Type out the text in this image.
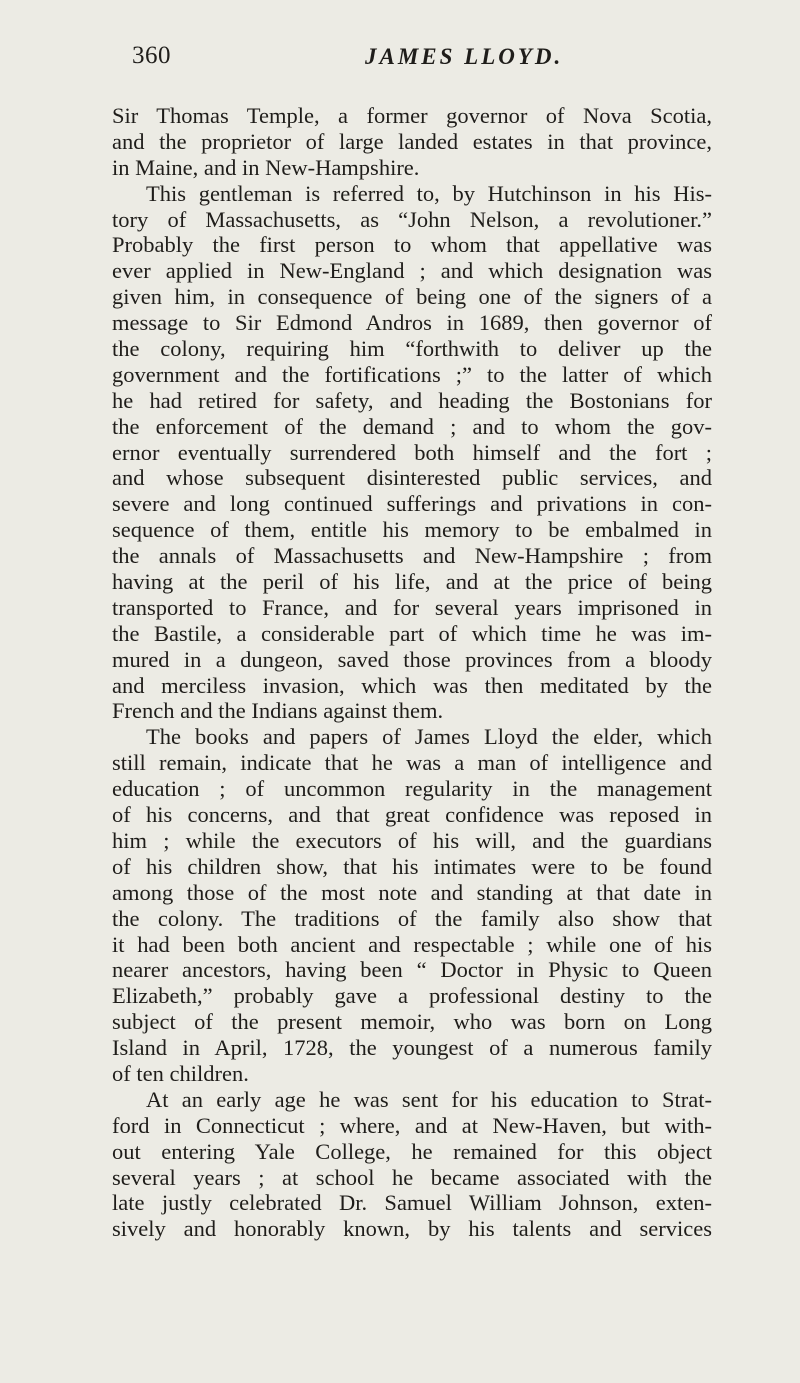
360	JAMES LLOYD.
Sir Thomas Temple, a former governor of Nova Scotia,
and the proprietor of large landed estates in that province,
in Maine, and in New-Hampshire.
This gentleman is referred to, by Hutchinson in his His-
tory of Massachusetts, as “John Nelson, a revolutioner.”
Probably the first person to whom that appellative was
ever applied in New-England ; and which designation was
given him, in consequence of being one of the signers of a
message to Sir Edmond Andros in 1689, then governor of
the colony, requiring him “forthwith to deliver up the
government and the fortifications ;” to the latter of which
he had retired for safety, and heading the Bostonians for
the enforcement of the demand ; and to whom the gov-
ernor eventually surrendered both himself and the fort ;
and whose subsequent disinterested public services, and
severe and long continued sufferings and privations in con-
sequence of them, entitle his memory to be embalmed in
the annals of Massachusetts and New-Hampshire ; from
having at the peril of his life, and at the price of being
transported to France, and for several years imprisoned in
the Bastile, a considerable part of which time he was im-
mured in a dungeon, saved those provinces from a bloody
and merciless invasion, which was then meditated by the
French and the Indians against them.
The books and papers of James Lloyd the elder, which
still remain, indicate that he was a man of intelligence and
education ; of uncommon regularity in the management
of his concerns, and that great confidence was reposed in
him ; while the executors of his will, and the guardians
of his children show, that his intimates were to be found
among those of the most note and standing at that date in
the colony. The traditions of the family also show that
it had been both ancient and respectable ; while one of his
nearer ancestors, having been “ Doctor in Physic to Queen
Elizabeth,” probably gave a professional destiny to the
subject of the present memoir, who was born on Long
Island in April, 1728, the youngest of a numerous family
of ten children.
At an early age he was sent for his education to Strat-
ford in Connecticut ; where, and at New-Haven, but with-
out entering Yale College, he remained for this object
several years ; at school he became associated with the
late justly celebrated Dr. Samuel William Johnson, exten-
sively and honorably known, by his talents and services
